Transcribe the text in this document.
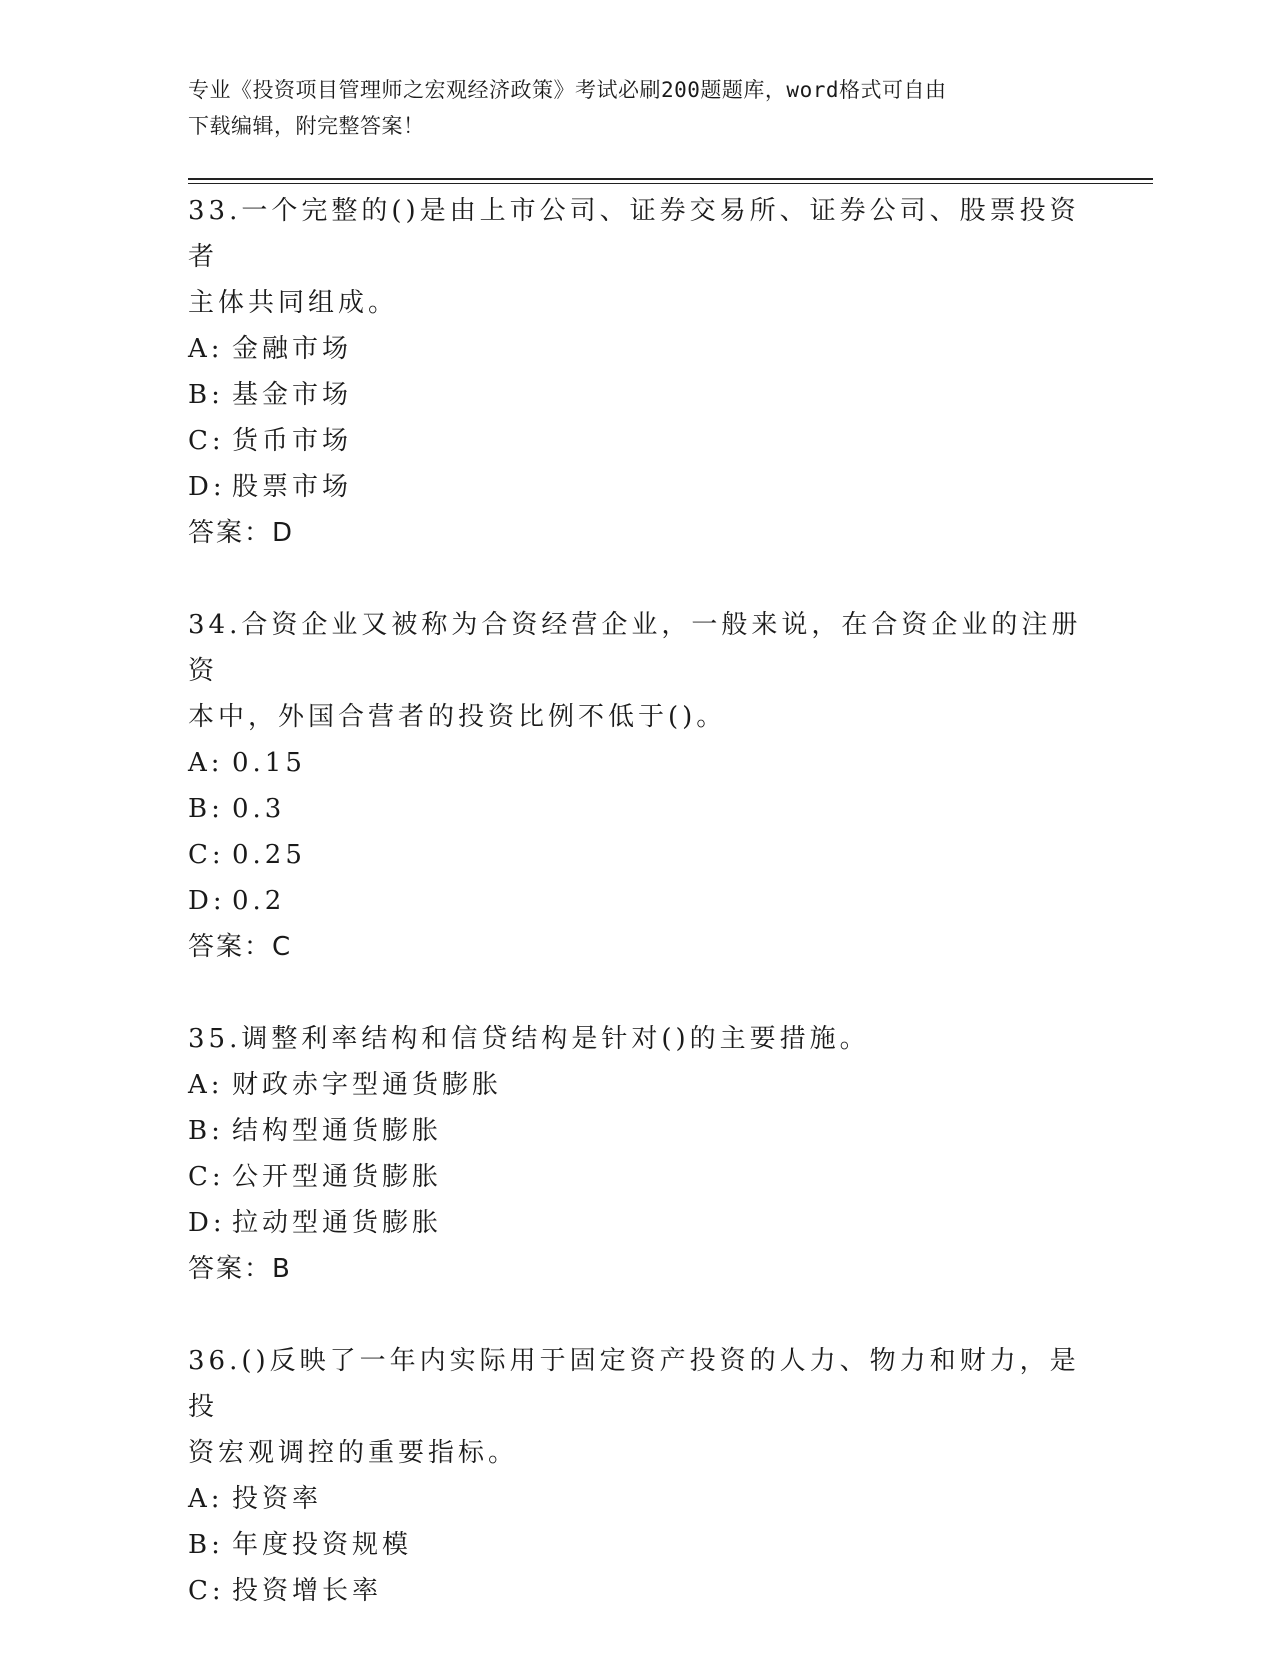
专业《投资项目管理师之宏观经济政策》考试必刷200题题库，word格式可自由
下载编辑，附完整答案！

33.一个完整的()是由上市公司、证券交易所、证券公司、股票投资者

主体共同组成。

A: 金融市场
B: 基金市场
C: 货币市场
D: 股票市场

答案：D

34.合资企业又被称为合资经营企业，一般来说，在合资企业的注册资

本中，外国合营者的投资比例不低于()。

A: 0.15
B: 0.3
C: 0.25
D: 0.2

答案：C

35.调整利率结构和信贷结构是针对()的主要措施。

A: 财政赤字型通货膨胀
B: 结构型通货膨胀
C: 公开型通货膨胀
D: 拉动型通货膨胀

答案：B

36.()反映了一年内实际用于固定资产投资的人力、物力和财力，是投

资宏观调控的重要指标。

A: 投资率
B: 年度投资规模
C: 投资增长率
